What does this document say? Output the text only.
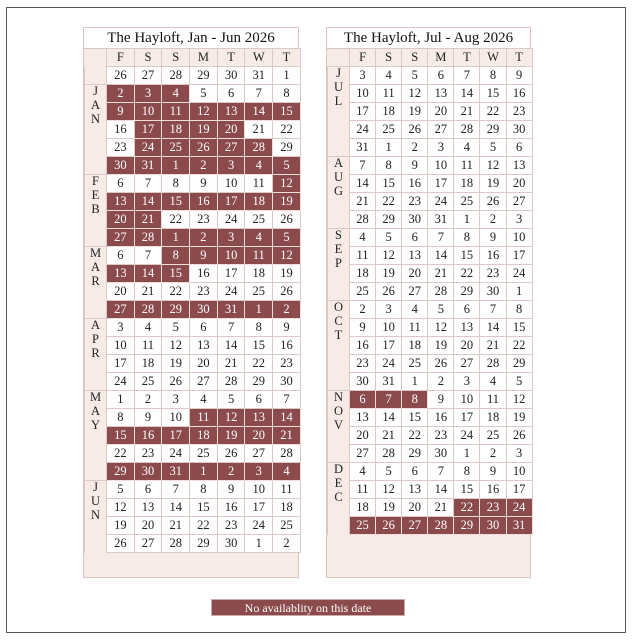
The Hayloft, Jan - Jun 2026
	F	S	S	M	T	W	T
	26	27	28	29	30	31	1

J
A
N	2	3	4	5	6	7	8
	9	10	11	12	13	14	15
	16	17	18	19	20	21	22
	23	24	25	26	27	28	29
	30	31	1	2	3	4	5

F
E
B	6	7	8	9	10	11	12
	13	14	15	16	17	18	19
	20	21	22	23	24	25	26
	27	28	1	2	3	4	5

M
A
R	6	7	8	9	10	11	12
	13	14	15	16	17	18	19
	20	21	22	23	24	25	26
	27	28	29	30	31	1	2

A
P
R	3	4	5	6	7	8	9
	10	11	12	13	14	15	16
	17	18	19	20	21	22	23
	24	25	26	27	28	29	30

M
A
Y	1	2	3	4	5	6	7
	8	9	10	11	12	13	14
	15	16	17	18	19	20	21
	22	23	24	25	26	27	28
	29	30	31	1	2	3	4

J
U
N	5	6	7	8	9	10	11
	12	13	14	15	16	17	18
	19	20	21	22	23	24	25
	26	27	28	29	30	1	2
The Hayloft, Jul - Aug 2026
	F	S	S	M	T	W	T

J
U
L	3	4	5	6	7	8	9
	10	11	12	13	14	15	16
	17	18	19	20	21	22	23
	24	25	26	27	28	29	30
	31	1	2	3	4	5	6

A
U
G	7	8	9	10	11	12	13
	14	15	16	17	18	19	20
	21	22	23	24	25	26	27
	28	29	30	31	1	2	3

S
E
P	4	5	6	7	8	9	10
	11	12	13	14	15	16	17
	18	19	20	21	22	23	24
	25	26	27	28	29	30	1

O
C
T	2	3	4	5	6	7	8
	9	10	11	12	13	14	15
	16	17	18	19	20	21	22
	23	24	25	26	27	28	29
	30	31	1	2	3	4	5

N
O
V	6	7	8	9	10	11	12
	13	14	15	16	17	18	19
	20	21	22	23	24	25	26
	27	28	29	30	1	2	3

D
E
C	4	5	6	7	8	9	10
	11	12	13	14	15	16	17
	18	19	20	21	22	23	24
	25	26	27	28	29	30	31
No availablity on this date
